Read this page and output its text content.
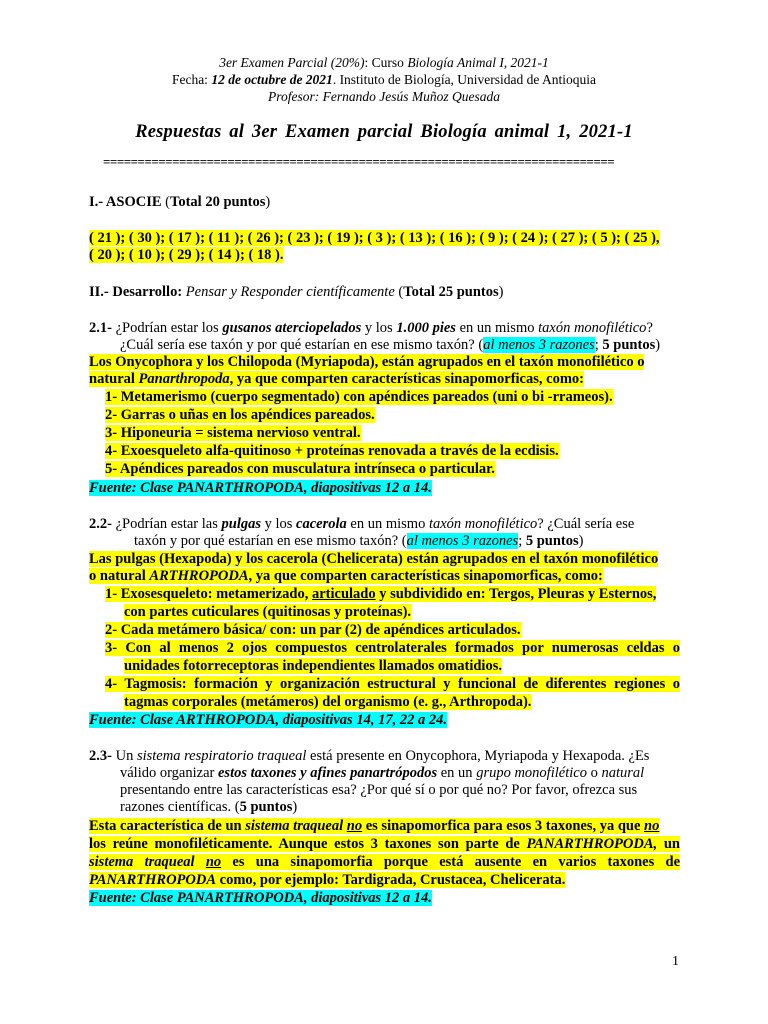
3er Examen Parcial (20%): Curso Biología Animal I, 2021-1
Fecha: 12 de octubre de 2021. Instituto de Biología, Universidad de Antioquia
Profesor: Fernando Jesús Muñoz Quesada
Respuestas al 3er Examen parcial Biología animal 1, 2021-1
==========================================================================
I.- ASOCIE (Total 20 puntos)
( 21 ); ( 30 ); ( 17 ); ( 11 ); ( 26 ); ( 23 ); ( 19 ); ( 3 ); ( 13 ); ( 16 ); ( 9 ); ( 24 ); ( 27 ); ( 5 ); ( 25 ),
( 20 ); ( 10 ); ( 29 ); ( 14 ); ( 18 ).
II.- Desarrollo: Pensar y Responder científicamente (Total 25 puntos)
2.1- ¿Podrían estar los gusanos aterciopelados y los 1.000 pies en un mismo taxón monofilético?
¿Cuál sería ese taxón y por qué estarían en ese mismo taxón? (al menos 3 razones; 5 puntos)
Los Onycophora y los Chilopoda (Myriapoda), están agrupados en el taxón monofilético o
natural Panarthropoda, ya que comparten características sinapomorficas, como:
1- Metamerismo (cuerpo segmentado) con apéndices pareados (uni o bi -rrameos).
2- Garras o uñas en los apéndices pareados.
3- Hiponeuria = sistema nervioso ventral.
4- Exoesqueleto alfa-quitinoso + proteínas renovada a través de la ecdisis.
5- Apéndices pareados con musculatura intrínseca o particular.
Fuente: Clase PANARTHROPODA, diapositivas 12 a 14.
2.2- ¿Podrían estar las pulgas y los cacerola en un mismo taxón monofilético? ¿Cuál sería ese
taxón y por qué estarían en ese mismo taxón? (al menos 3 razones; 5 puntos)
Las pulgas (Hexapoda) y los cacerola (Chelicerata) están agrupados en el taxón monofilético
o natural ARTHROPODA, ya que comparten características sinapomorficas, como:
1- Exosesqueleto: metamerizado, articulado y subdividido en: Tergos, Pleuras y Esternos,
con partes cuticulares (quitinosas y proteínas).
2- Cada metámero básica/ con: un par (2) de apéndices articulados.
3- Con al menos 2 ojos compuestos centrolaterales formados por numerosas celdas o
unidades fotorreceptoras independientes llamados omatidios.
4- Tagmosis: formación y organización estructural y funcional de diferentes regiones o
tagmas corporales (metámeros) del organismo (e. g., Arthropoda).
Fuente: Clase ARTHROPODA, diapositivas 14, 17, 22 a 24.
2.3- Un sistema respiratorio traqueal está presente en Onycophora, Myriapoda y Hexapoda. ¿Es
válido organizar estos taxones y afines panartrópodos en un grupo monofilético o natural
presentando entre las características esa? ¿Por qué sí o por qué no? Por favor, ofrezca sus
razones científicas. (5 puntos)
Esta característica de un sistema traqueal no es sinapomorfica para esos 3 taxones, ya que no
los reúne monofiléticamente. Aunque estos 3 taxones son parte de PANARTHROPODA, un
sistema traqueal no es una sinapomorfia porque está ausente en varios taxones de
PANARTHROPODA como, por ejemplo: Tardigrada, Crustacea, Chelicerata.
Fuente: Clase PANARTHROPODA, diapositivas 12 a 14.
1
